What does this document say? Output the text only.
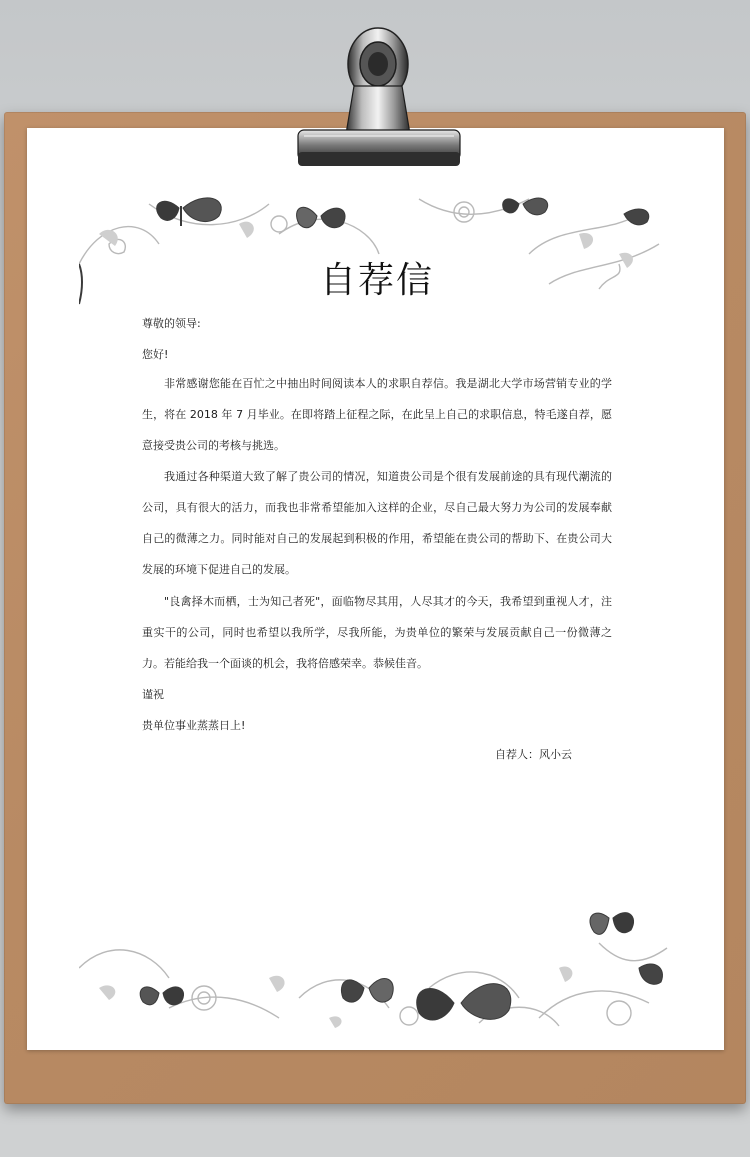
自荐信
尊敬的领导:
您好!

非常感谢您能在百忙之中抽出时间阅读本人的求职自荐信。我是湖北大学市场营销专业的学生，将在 2018 年 7 月毕业。在即将踏上征程之际，在此呈上自己的求职信息，特毛遂自荐，愿意接受贵公司的考核与挑选。

我通过各种渠道大致了解了贵公司的情况，知道贵公司是个很有发展前途的具有现代潮流的公司，具有很大的活力，而我也非常希望能加入这样的企业，尽自己最大努力为公司的发展奉献自己的微薄之力。同时能对自己的发展起到积极的作用，希望能在贵公司的帮助下、在贵公司大发展的环境下促进自己的发展。

"良禽择木而栖，士为知己者死"，面临物尽其用，人尽其才的今天，我希望到重视人才，注重实干的公司，同时也希望以我所学，尽我所能，为贵单位的繁荣与发展贡献自己一份微薄之力。若能给我一个面谈的机会，我将倍感荣幸。恭候佳音。

谨祝
贵单位事业蒸蒸日上!
自荐人：风小云
